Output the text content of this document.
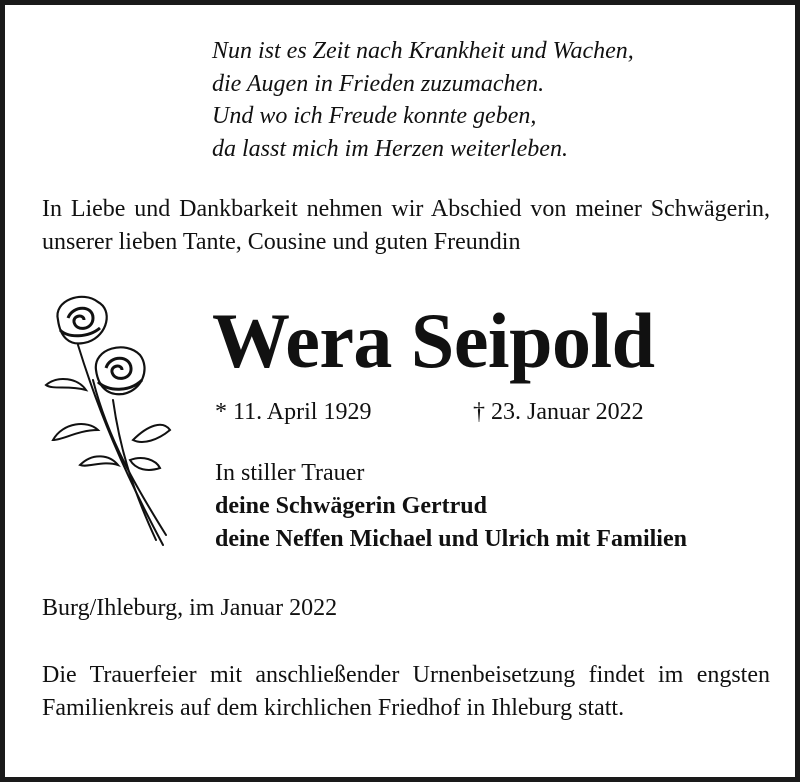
Nun ist es Zeit nach Krankheit und Wachen,
die Augen in Frieden zuzumachen.
Und wo ich Freude konnte geben,
da lasst mich im Herzen weiterleben.
In Liebe und Dankbarkeit nehmen wir Abschied von meiner Schwägerin, unserer lieben Tante, Cousine und guten Freundin
Wera Seipold
* 11. April 1929	† 23. Januar 2022
In stiller Trauer
deine Schwägerin Gertrud
deine Neffen Michael und Ulrich mit Familien
Burg/Ihleburg, im Januar 2022
Die Trauerfeier mit anschließender Urnenbeisetzung findet im engsten Familienkreis auf dem kirchlichen Friedhof in Ihleburg statt.
